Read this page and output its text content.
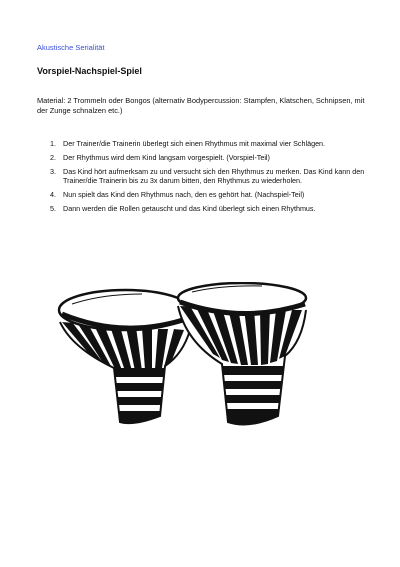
Akustische Serialität
Vorspiel-Nachspiel-Spiel

Material: 2 Trommeln oder Bongos (alternativ Bodypercussion: Stampfen, Klatschen, Schnipsen, mit der Zunge schnalzen etc.)

1. Der Trainer/die Trainerin überlegt sich einen Rhythmus mit maximal vier Schlägen.
2. Der Rhythmus wird dem Kind langsam vorgespielt. (Vorspiel-Teil)
3. Das Kind hört aufmerksam zu und versucht sich den Rhythmus zu merken. Das Kind kann den Trainer/die Trainerin bis zu 3x darum bitten, den Rhythmus zu wiederholen.
4. Nun spielt das Kind den Rhythmus nach, den es gehört hat. (Nachspiel-Teil)
5. Dann werden die Rollen getauscht und das Kind überlegt sich einen Rhythmus.
